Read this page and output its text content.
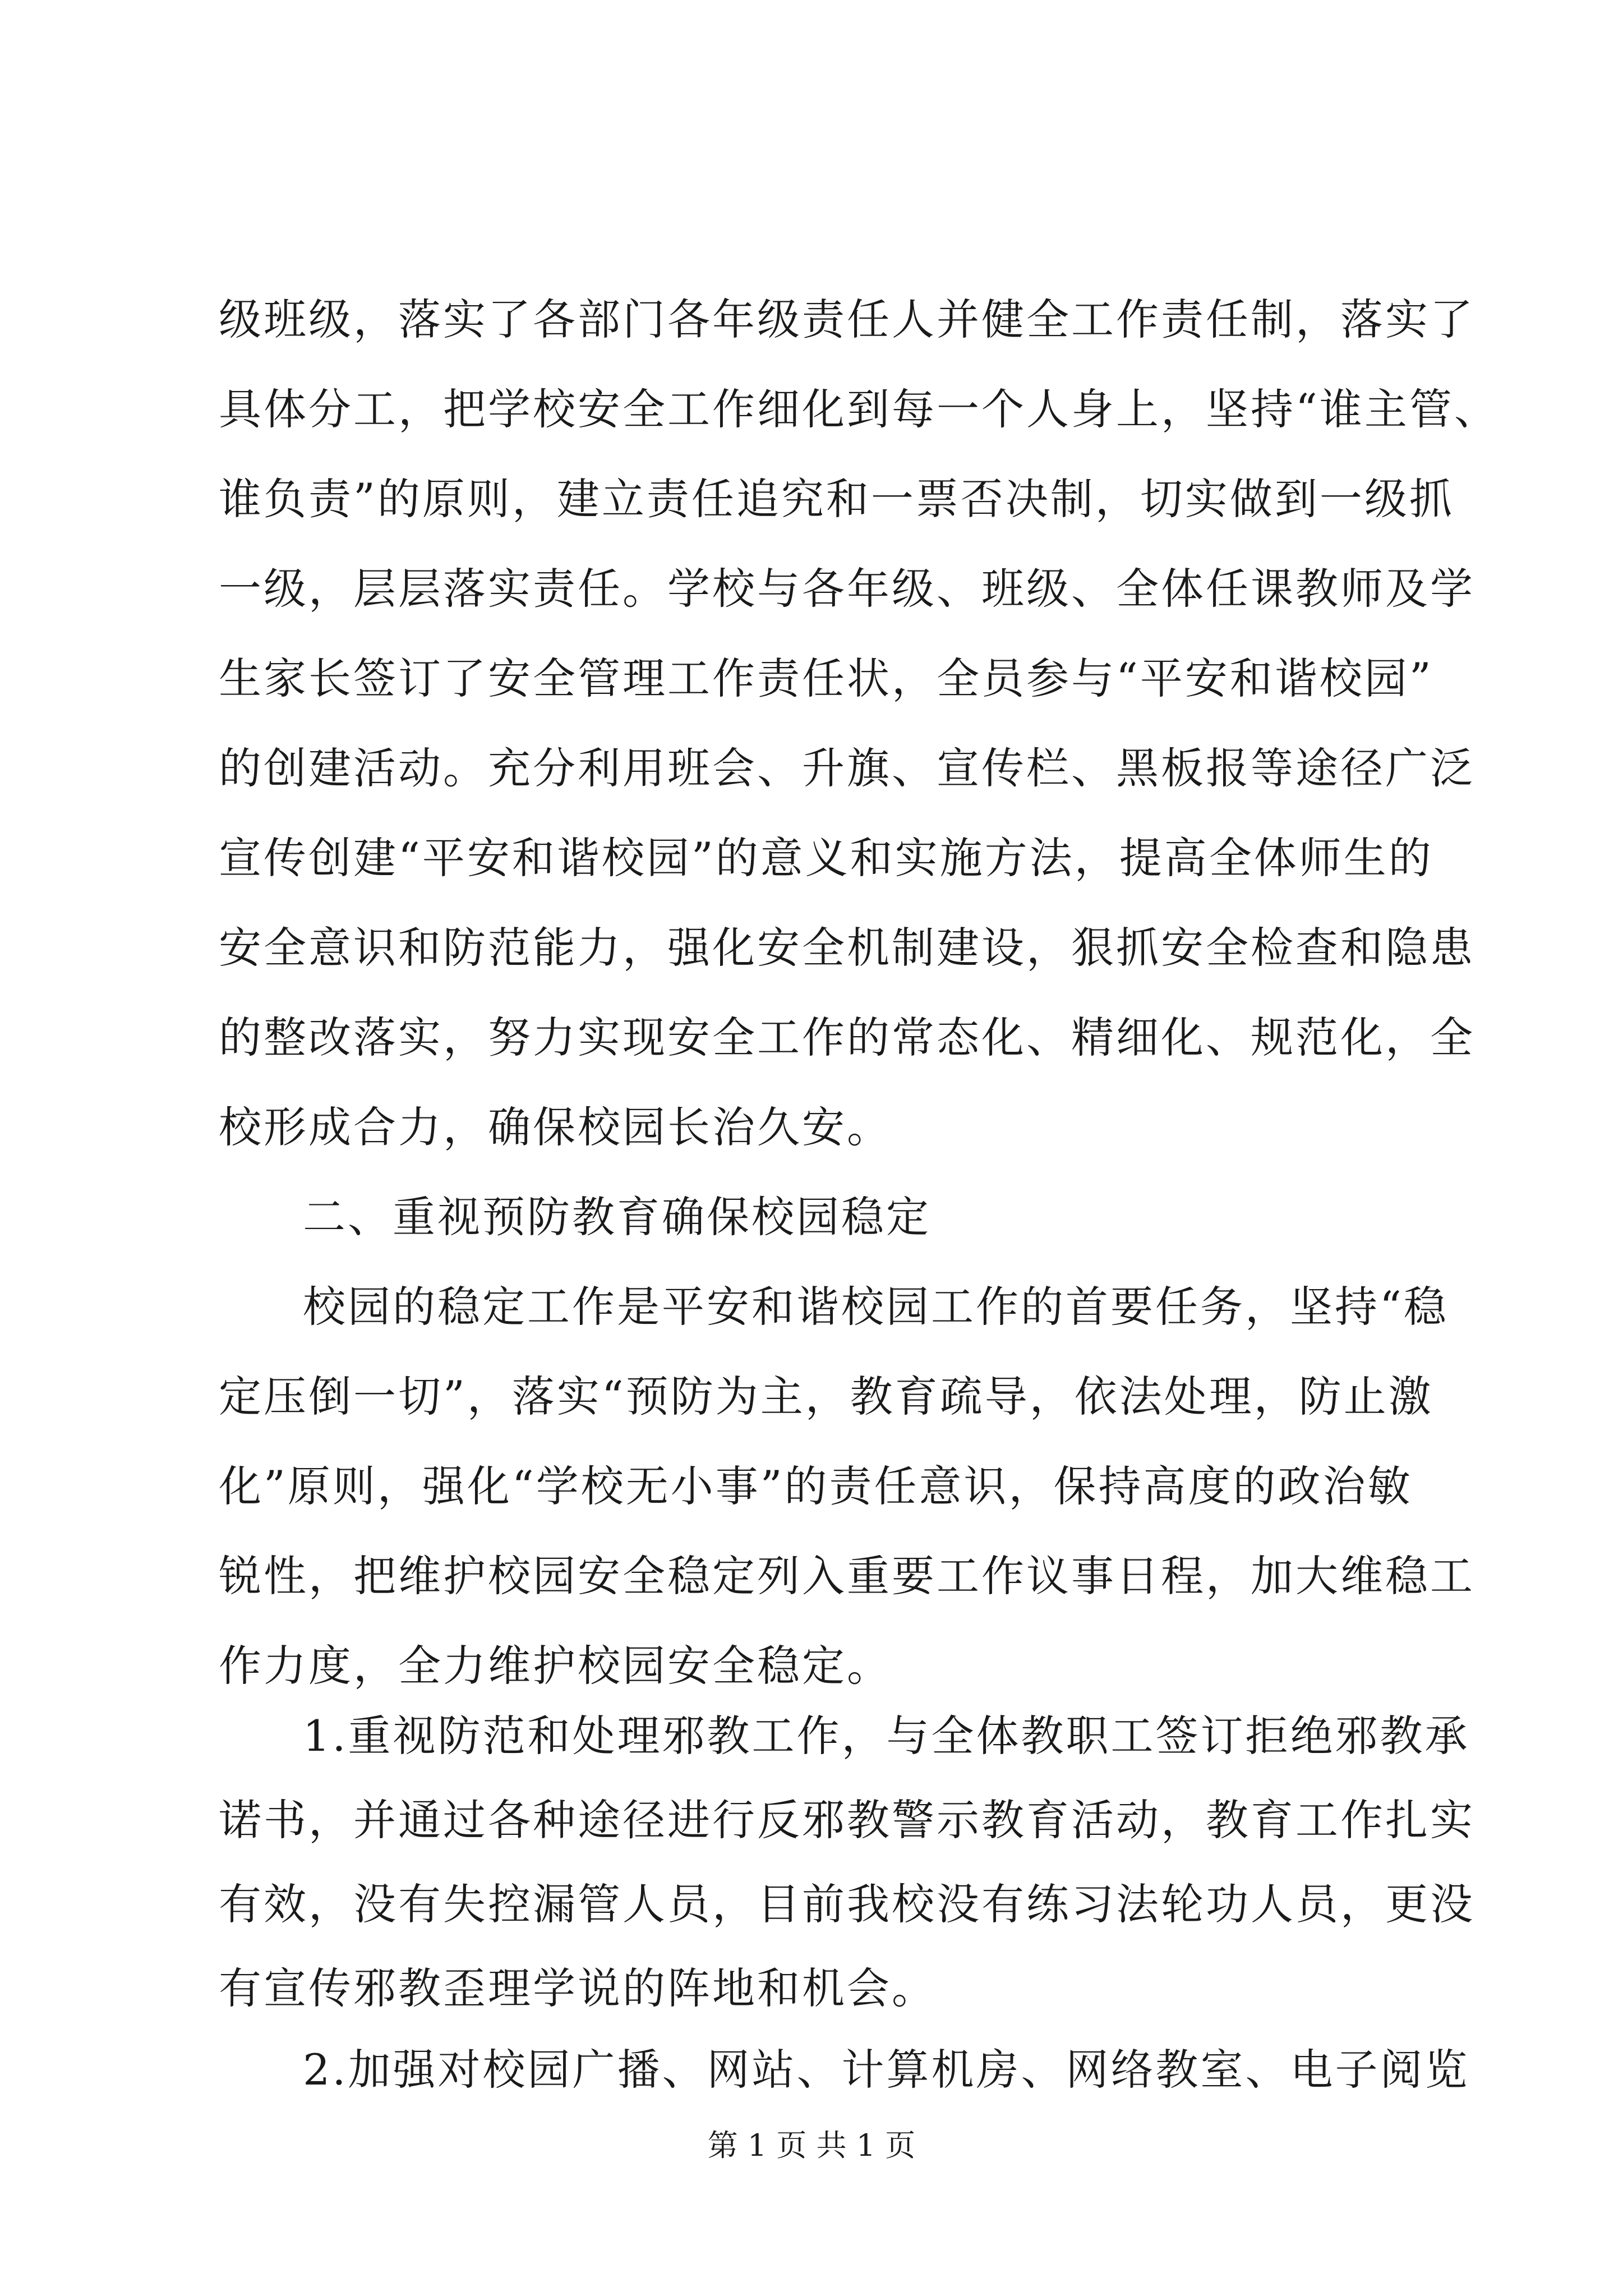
级班级，落实了各部门各年级责任人并健全工作责任制，落实了
具体分工，把学校安全工作细化到每一个人身上，坚持“谁主管、
谁负责”的原则，建立责任追究和一票否决制，切实做到一级抓
一级，层层落实责任。学校与各年级、班级、全体任课教师及学
生家长签订了安全管理工作责任状，全员参与“平安和谐校园”
的创建活动。充分利用班会、升旗、宣传栏、黑板报等途径广泛
宣传创建“平安和谐校园”的意义和实施方法，提高全体师生的
安全意识和防范能力，强化安全机制建设，狠抓安全检查和隐患
的整改落实，努力实现安全工作的常态化、精细化、规范化，全
校形成合力，确保校园长治久安。
二、重视预防教育确保校园稳定
校园的稳定工作是平安和谐校园工作的首要任务，坚持“稳
定压倒一切”，落实“预防为主，教育疏导，依法处理，防止激
化”原则，强化“学校无小事”的责任意识，保持高度的政治敏
锐性，把维护校园安全稳定列入重要工作议事日程，加大维稳工
作力度，全力维护校园安全稳定。
1.重视防范和处理邪教工作，与全体教职工签订拒绝邪教承
诺书，并通过各种途径进行反邪教警示教育活动，教育工作扎实
有效，没有失控漏管人员，目前我校没有练习法轮功人员，更没
有宣传邪教歪理学说的阵地和机会。
第 1 页 共 1 页
2.加强对校园广播、网站、计算机房、网络教室、电子阅览
